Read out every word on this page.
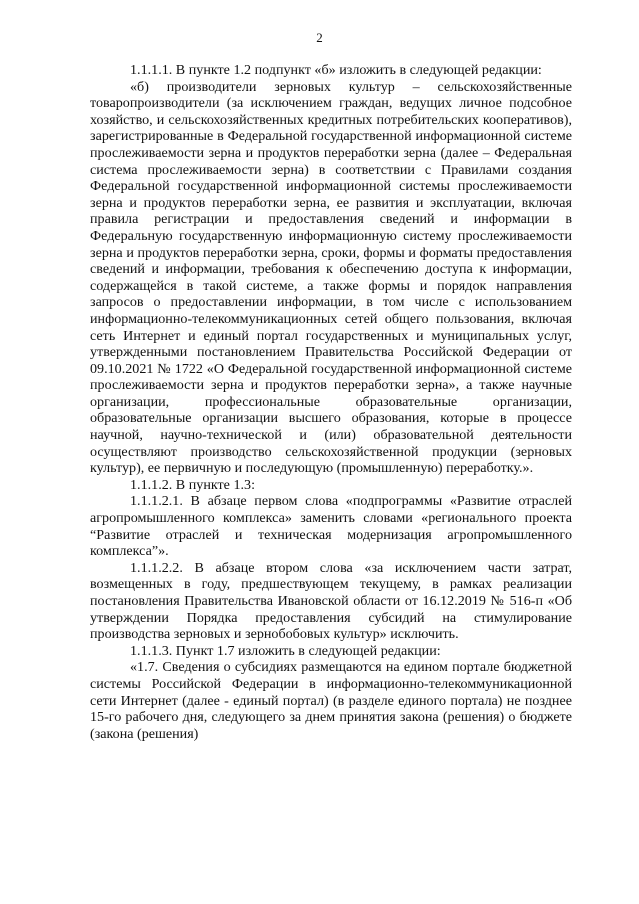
2

1.1.1.1. В пункте 1.2 подпункт «б» изложить в следующей редакции:

«б) производители зерновых культур – сельскохозяйственные товаропроизводители (за исключением граждан, ведущих личное подсобное хозяйство, и сельскохозяйственных кредитных потребительских кооперативов), зарегистрированные в Федеральной государственной информационной системе прослеживаемости зерна и продуктов переработки зерна (далее – Федеральная система прослеживаемости зерна) в соответствии с Правилами создания Федеральной государственной информационной системы прослеживаемости зерна и продуктов переработки зерна, ее развития и эксплуатации, включая правила регистрации и предоставления сведений и информации в Федеральную государственную информационную систему прослеживаемости зерна и продуктов переработки зерна, сроки, формы и форматы предоставления сведений и информации, требования к обеспечению доступа к информации, содержащейся в такой системе, а также формы и порядок направления запросов о предоставлении информации, в том числе с использованием информационно-телекоммуникационных сетей общего пользования, включая сеть Интернет и единый портал государственных и муниципальных услуг, утвержденными постановлением Правительства Российской Федерации от 09.10.2021 № 1722 «О Федеральной государственной информационной системе прослеживаемости зерна и продуктов переработки зерна», а также научные организации, профессиональные образовательные организации, образовательные организации высшего образования, которые в процессе научной, научно-технической и (или) образовательной деятельности осуществляют производство сельскохозяйственной продукции (зерновых культур), ее первичную и последующую (промышленную) переработку.».

1.1.1.2. В пункте 1.3:

1.1.1.2.1. В абзаце первом слова «подпрограммы «Развитие отраслей агропромышленного комплекса» заменить словами «регионального проекта “Развитие отраслей и техническая модернизация агропромышленного комплекса”».

1.1.1.2.2. В абзаце втором слова «за исключением части затрат, возмещенных в году, предшествующем текущему, в рамках реализации постановления Правительства Ивановской области от 16.12.2019 № 516-п «Об утверждении Порядка предоставления субсидий на стимулирование производства зерновых и зернобобовых культур» исключить.

1.1.1.3. Пункт 1.7 изложить в следующей редакции:

«1.7. Сведения о субсидиях размещаются на едином портале бюджетной системы Российской Федерации в информационно-телекоммуникационной сети Интернет (далее - единый портал) (в разделе единого портала) не позднее 15-го рабочего дня, следующего за днем принятия закона (решения) о бюджете (закона (решения)
